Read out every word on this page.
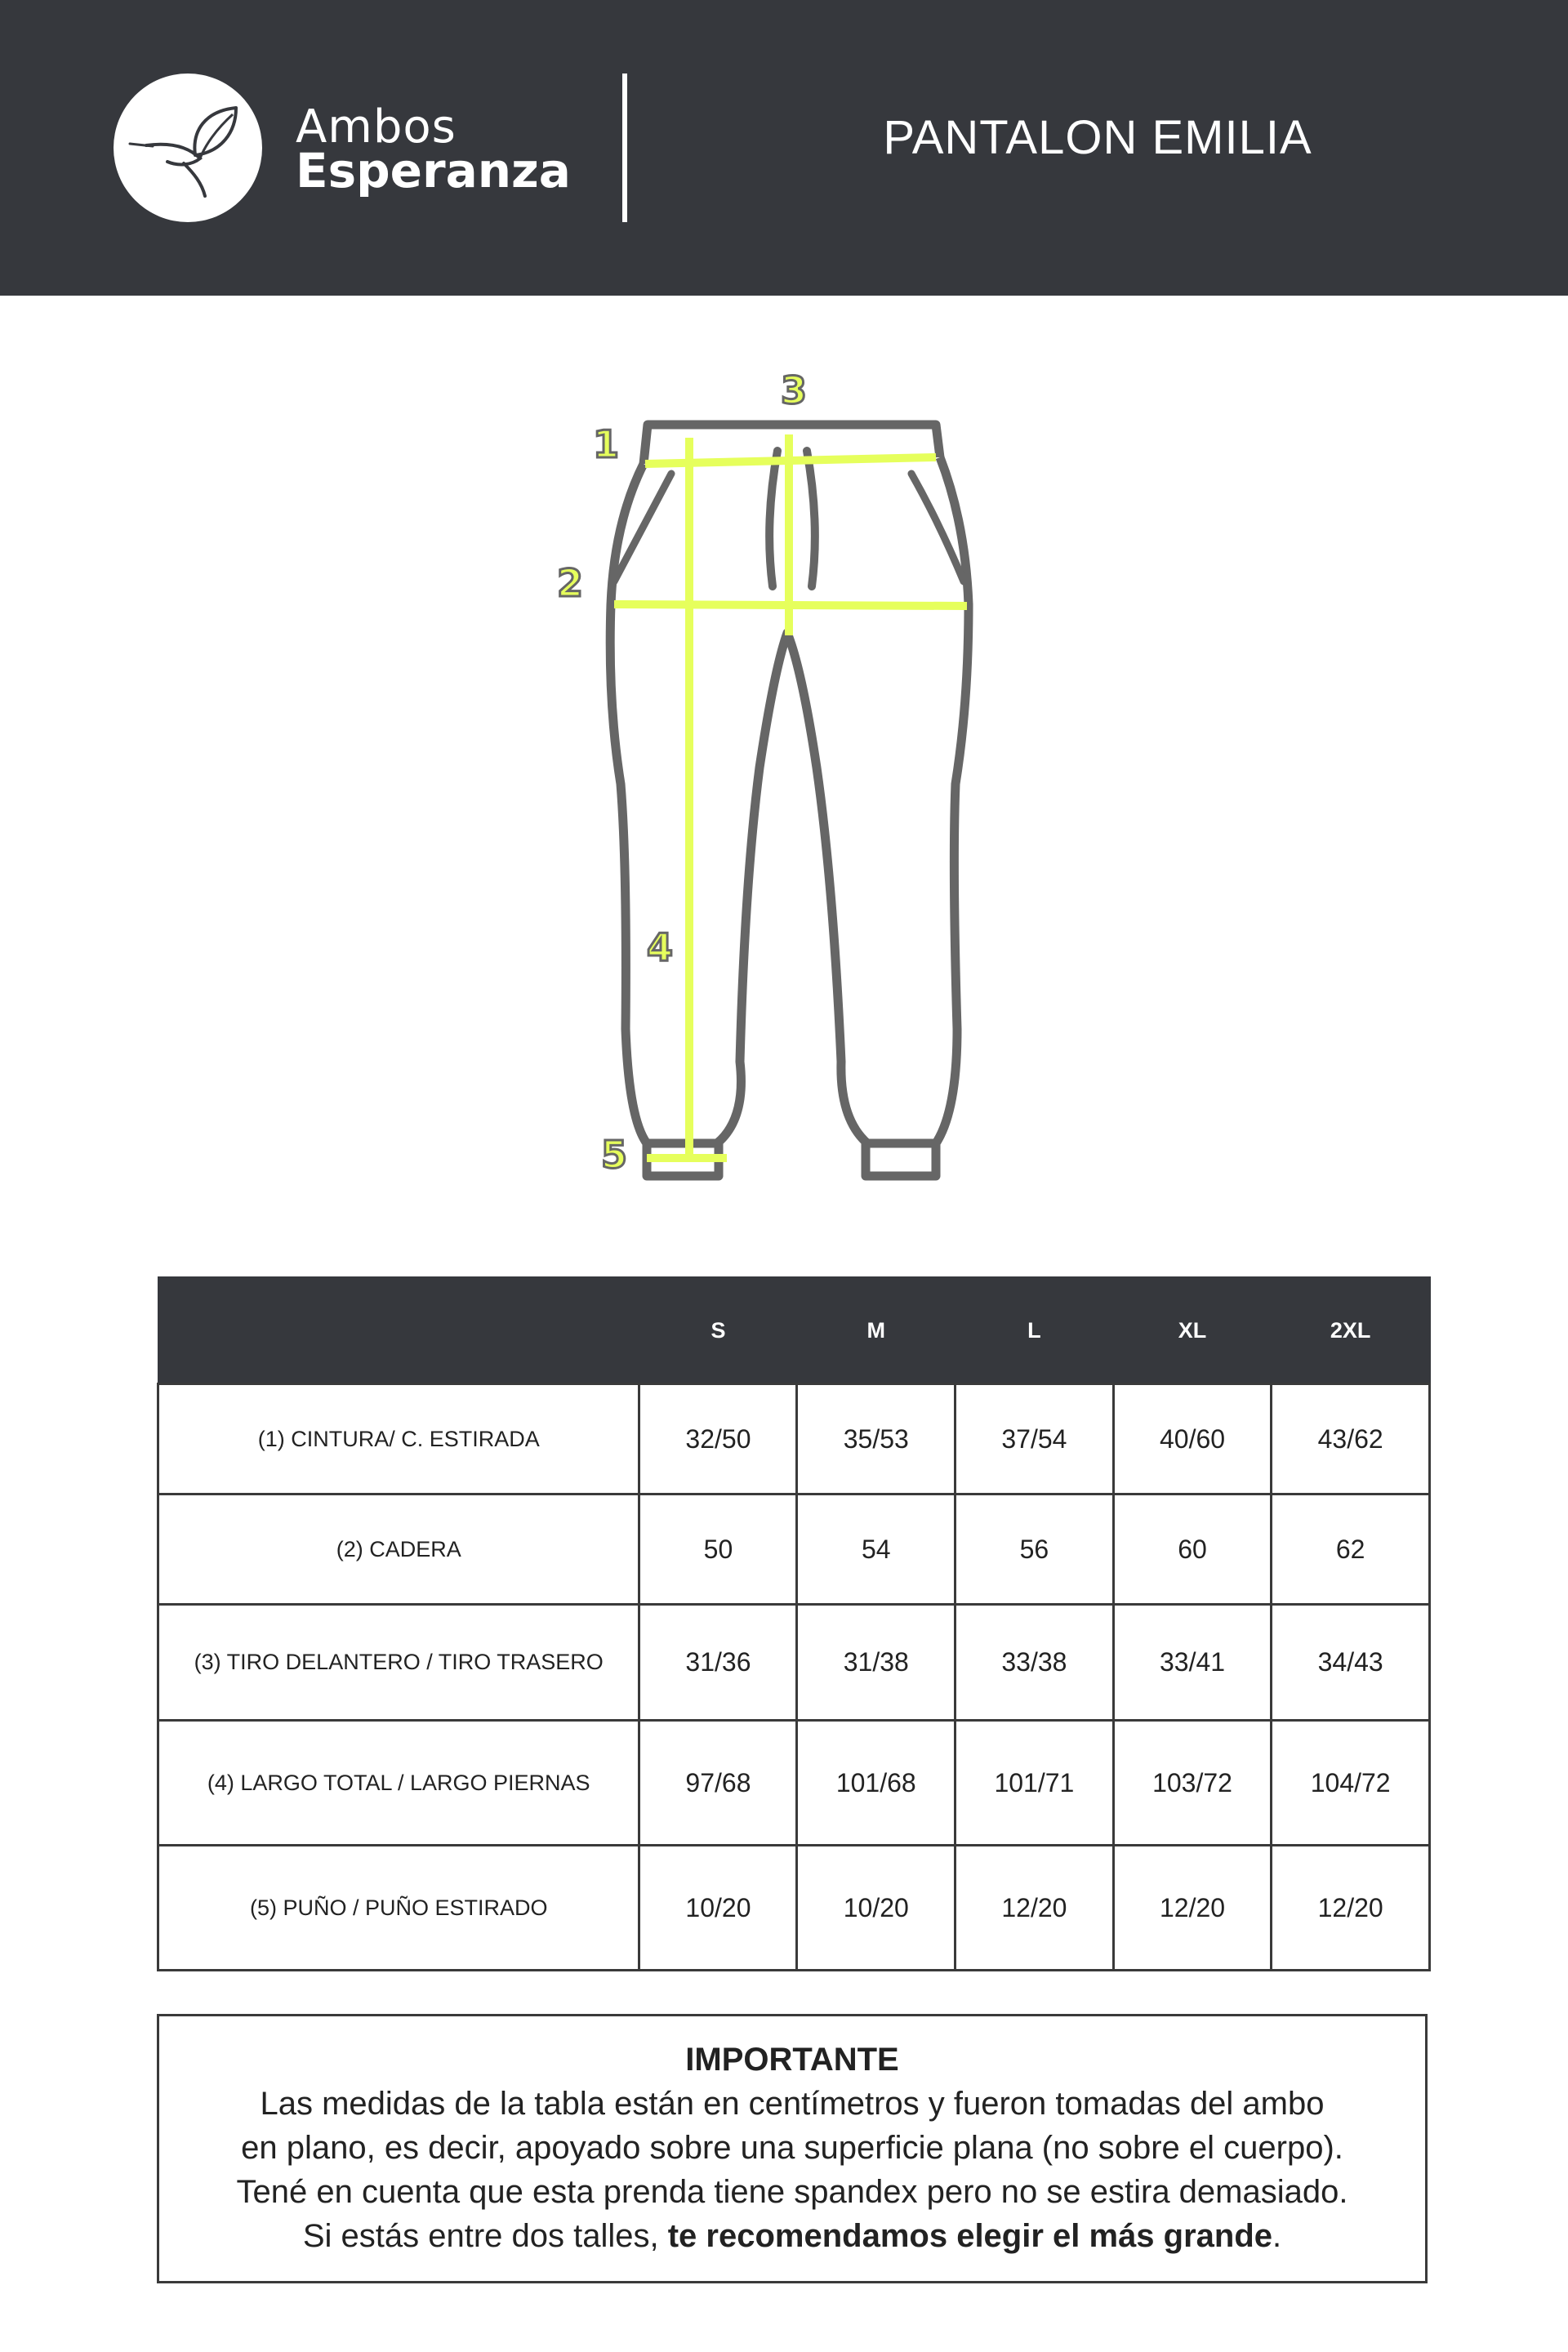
Ambos
Esperanza
PANTALON EMILIA
1
2
3
4
5
	S	M	L	XL	2XL
(1) CINTURA/ C. ESTIRADA	32/50	35/53	37/54	40/60	43/62
(2) CADERA	50	54	56	60	62
(3) TIRO DELANTERO / TIRO TRASERO	31/36	31/38	33/38	33/41	34/43
(4) LARGO TOTAL / LARGO PIERNAS	97/68	101/68	101/71	103/72	104/72
(5) PUÑO / PUÑO ESTIRADO	10/20	10/20	12/20	12/20	12/20
IMPORTANTE
Las medidas de la tabla están en centímetros y fueron tomadas del ambo
en plano, es decir, apoyado sobre una superficie plana (no sobre el cuerpo).
Tené en cuenta que esta prenda tiene spandex pero no se estira demasiado.
Si estás entre dos talles, te recomendamos elegir el más grande.
